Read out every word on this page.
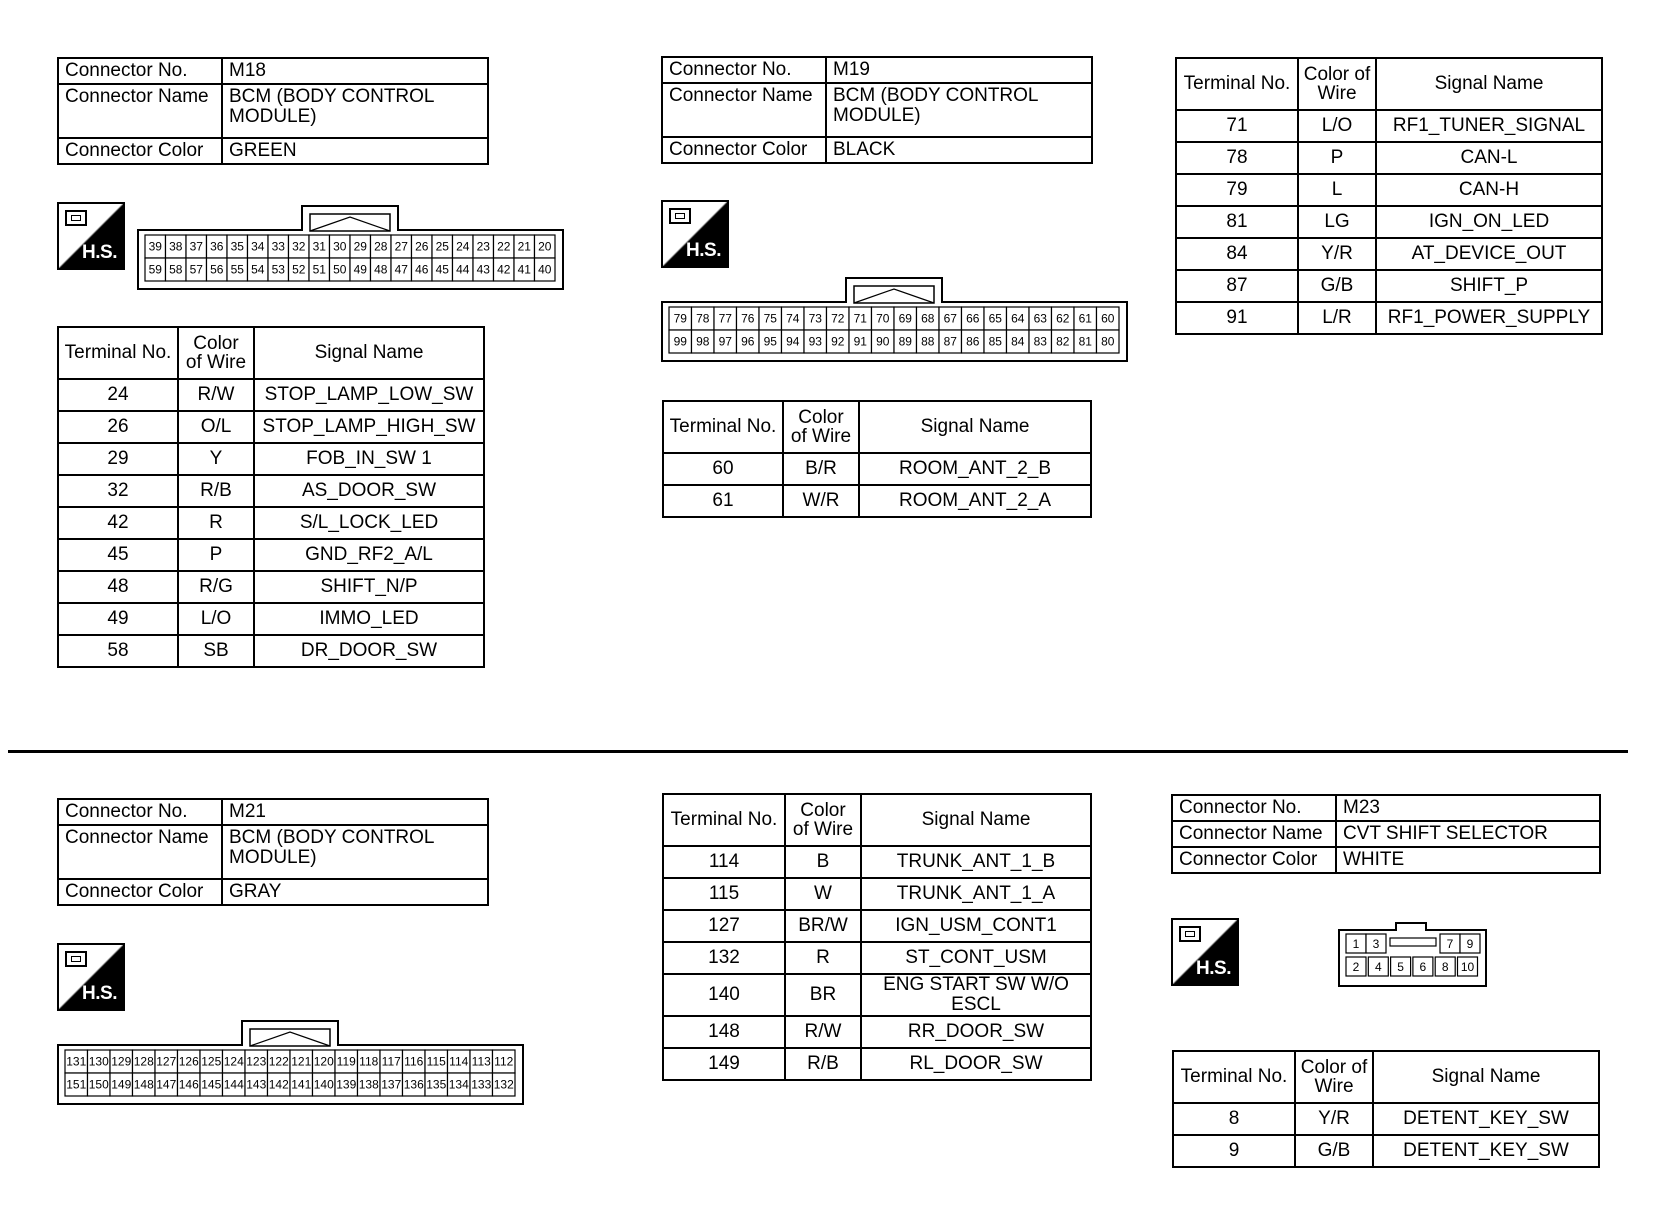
Connector No.	M18
Connector Name	BCM (BODY CONTROL MODULE)
Connector Color	GREEN
H.S.	39 38 37 36 35 34 33 32 31 30 29 28 27 26 25 24 23 22 21 20
59 58 57 56 55 54 53 52 51 50 49 48 47 46 45 44 43 42 41 40
Terminal No.	Color of Wire	Signal Name
24	R/W	STOP_LAMP_LOW_SW
26	O/L	STOP_LAMP_HIGH_SW
29	Y	FOB_IN_SW 1
32	R/B	AS_DOOR_SW
42	R	S/L_LOCK_LED
45	P	GND_RF2_A/L
48	R/G	SHIFT_N/P
49	L/O	IMMO_LED
58	SB	DR_DOOR_SW
Connector No.	M19
Connector Name	BCM (BODY CONTROL MODULE)
Connector Color	BLACK
H.S.
79 78 77 76 75 74 73 72 71 70 69 68 67 66 65 64 63 62 61 60
99 98 97 96 95 94 93 92 91 90 89 88 87 86 85 84 83 82 81 80
Terminal No.	Color of Wire	Signal Name
60	B/R	ROOM_ANT_2_B
61	W/R	ROOM_ANT_2_A
Terminal No.	Color of Wire	Signal Name
71	L/O	RF1_TUNER_SIGNAL
78	P	CAN-L
79	L	CAN-H
81	LG	IGN_ON_LED
84	Y/R	AT_DEVICE_OUT
87	G/B	SHIFT_P
91	L/R	RF1_POWER_SUPPLY
Connector No.	M21
Connector Name	BCM (BODY CONTROL MODULE)
Connector Color	GRAY
H.S.
131 130 129 128 127 126 125 124 123 122 121 120 119 118 117 116 115 114 113 112
151 150 149 148 147 146 145 144 143 142 141 140 139 138 137 136 135 134 133 132
Terminal No.	Color of Wire	Signal Name
114	B	TRUNK_ANT_1_B
115	W	TRUNK_ANT_1_A
127	BR/W	IGN_USM_CONT1
132	R	ST_CONT_USM
140	BR	ENG START SW W/O ESCL
148	R/W	RR_DOOR_SW
149	R/B	RL_DOOR_SW
Connector No.	M23
Connector Name	CVT SHIFT SELECTOR
Connector Color	WHITE
H.S.
1 3	7 9
2 4 5 6 8 10
Terminal No.	Color of Wire	Signal Name
8	Y/R	DETENT_KEY_SW
9	G/B	DETENT_KEY_SW
